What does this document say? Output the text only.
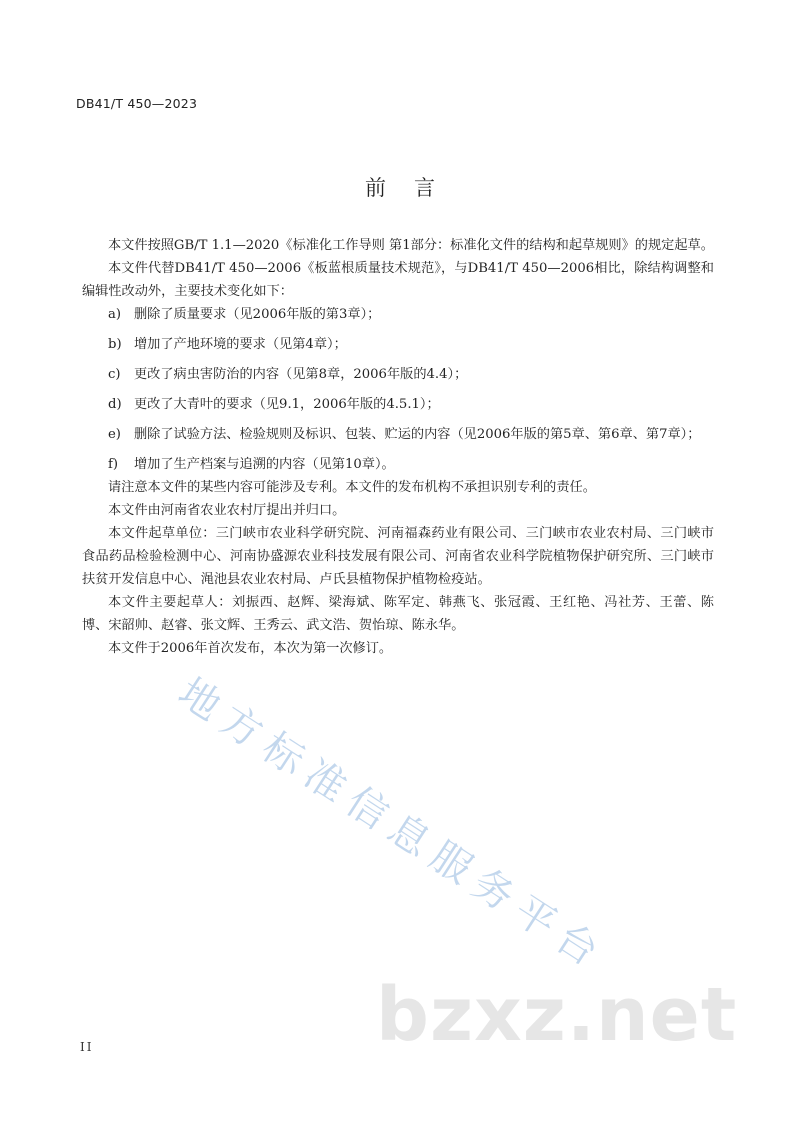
DB41/T 450—2023
前言

本文件按照GB/T 1.1—2020《标准化工作导则 第1部分：标准化文件的结构和起草规则》的规定起草。

本文件代替DB41/T 450—2006《板蓝根质量技术规范》，与DB41/T 450—2006相比，除结构调整和编辑性改动外，主要技术变化如下：

a) 删除了质量要求（见2006年版的第3章）；

b) 增加了产地环境的要求（见第4章）；

c) 更改了病虫害防治的内容（见第8章，2006年版的4.4）；

d) 更改了大青叶的要求（见9.1，2006年版的4.5.1）；

e) 删除了试验方法、检验规则及标识、包装、贮运的内容（见2006年版的第5章、第6章、第7章）；

f) 增加了生产档案与追溯的内容（见第10章）。

请注意本文件的某些内容可能涉及专利。本文件的发布机构不承担识别专利的责任。

本文件由河南省农业农村厅提出并归口。

本文件起草单位：三门峡市农业科学研究院、河南福森药业有限公司、三门峡市农业农村局、三门峡市食品药品检验检测中心、河南协盛源农业科技发展有限公司、河南省农业科学院植物保护研究所、三门峡市扶贫开发信息中心、渑池县农业农村局、卢氏县植物保护植物检疫站。

本文件主要起草人：刘振西、赵辉、梁海斌、陈军定、韩燕飞、张冠霞、王红艳、冯社芳、王蕾、陈博、宋韶帅、赵睿、张文辉、王秀云、武文浩、贺怡琼、陈永华。

本文件于2006年首次发布，本次为第一次修订。

地方标准信息服务平台
bzxz.net
II
